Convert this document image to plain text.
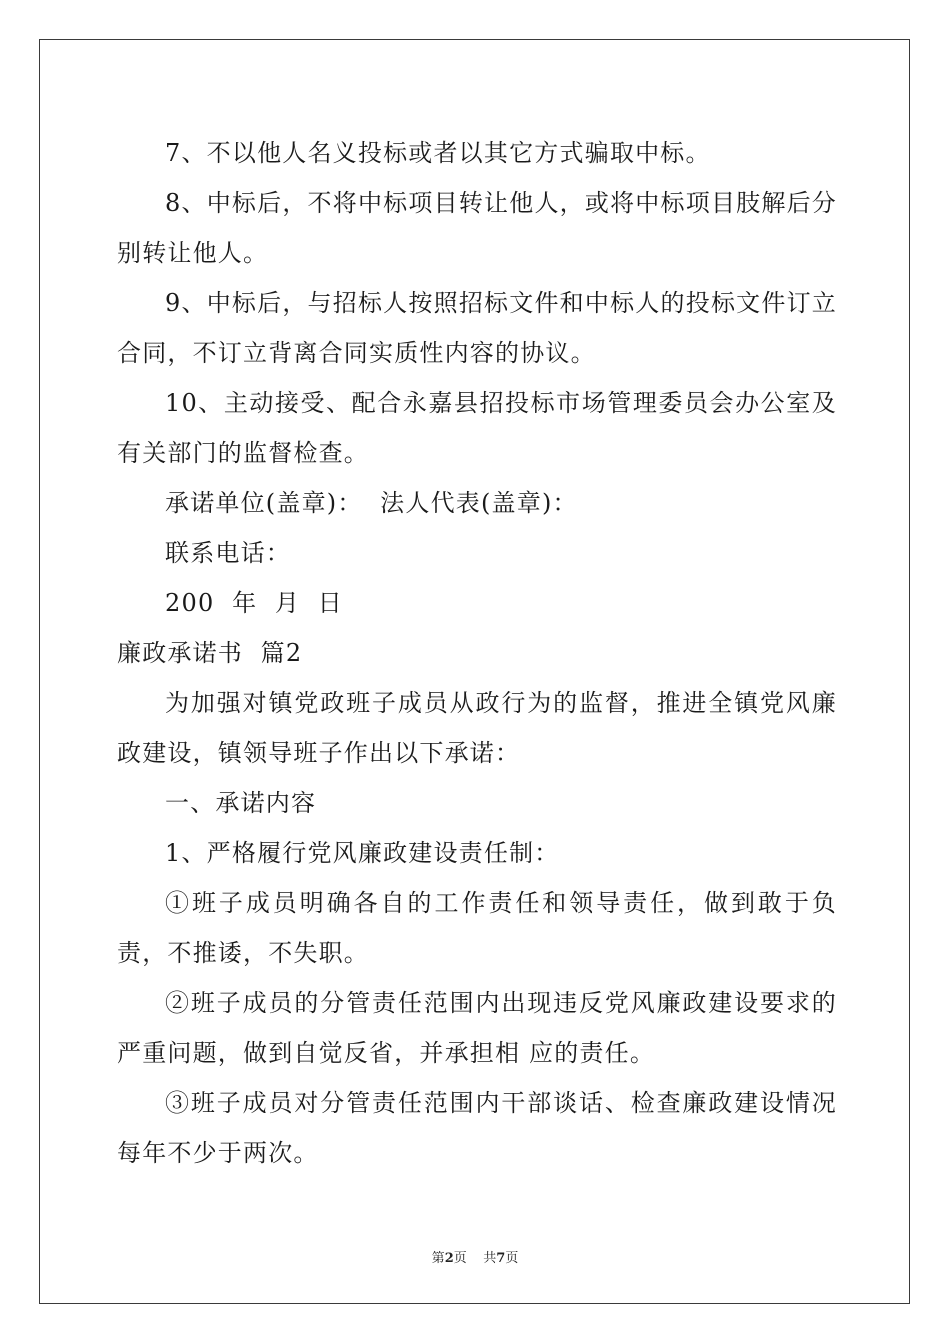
7、不以他人名义投标或者以其它方式骗取中标。

8、中标后，不将中标项目转让他人，或将中标项目肢解后分别转让他人。

9、中标后，与招标人按照招标文件和中标人的投标文件订立合同，不订立背离合同实质性内容的协议。

10、主动接受、配合永嘉县招投标市场管理委员会办公室及有关部门的监督检查。

承诺单位(盖章)：  法人代表(盖章)：

联系电话：

200  年  月  日

廉政承诺书  篇2

为加强对镇党政班子成员从政行为的监督，推进全镇党风廉政建设，镇领导班子作出以下承诺：

一、承诺内容

1、严格履行党风廉政建设责任制：

①班子成员明确各自的工作责任和领导责任，做到敢于负责，不推诿，不失职。

②班子成员的分管责任范围内出现违反党风廉政建设要求的严重问题，做到自觉反省，并承担相 应的责任。

③班子成员对分管责任范围内干部谈话、检查廉政建设情况每年不少于两次。

第2页    共7页
